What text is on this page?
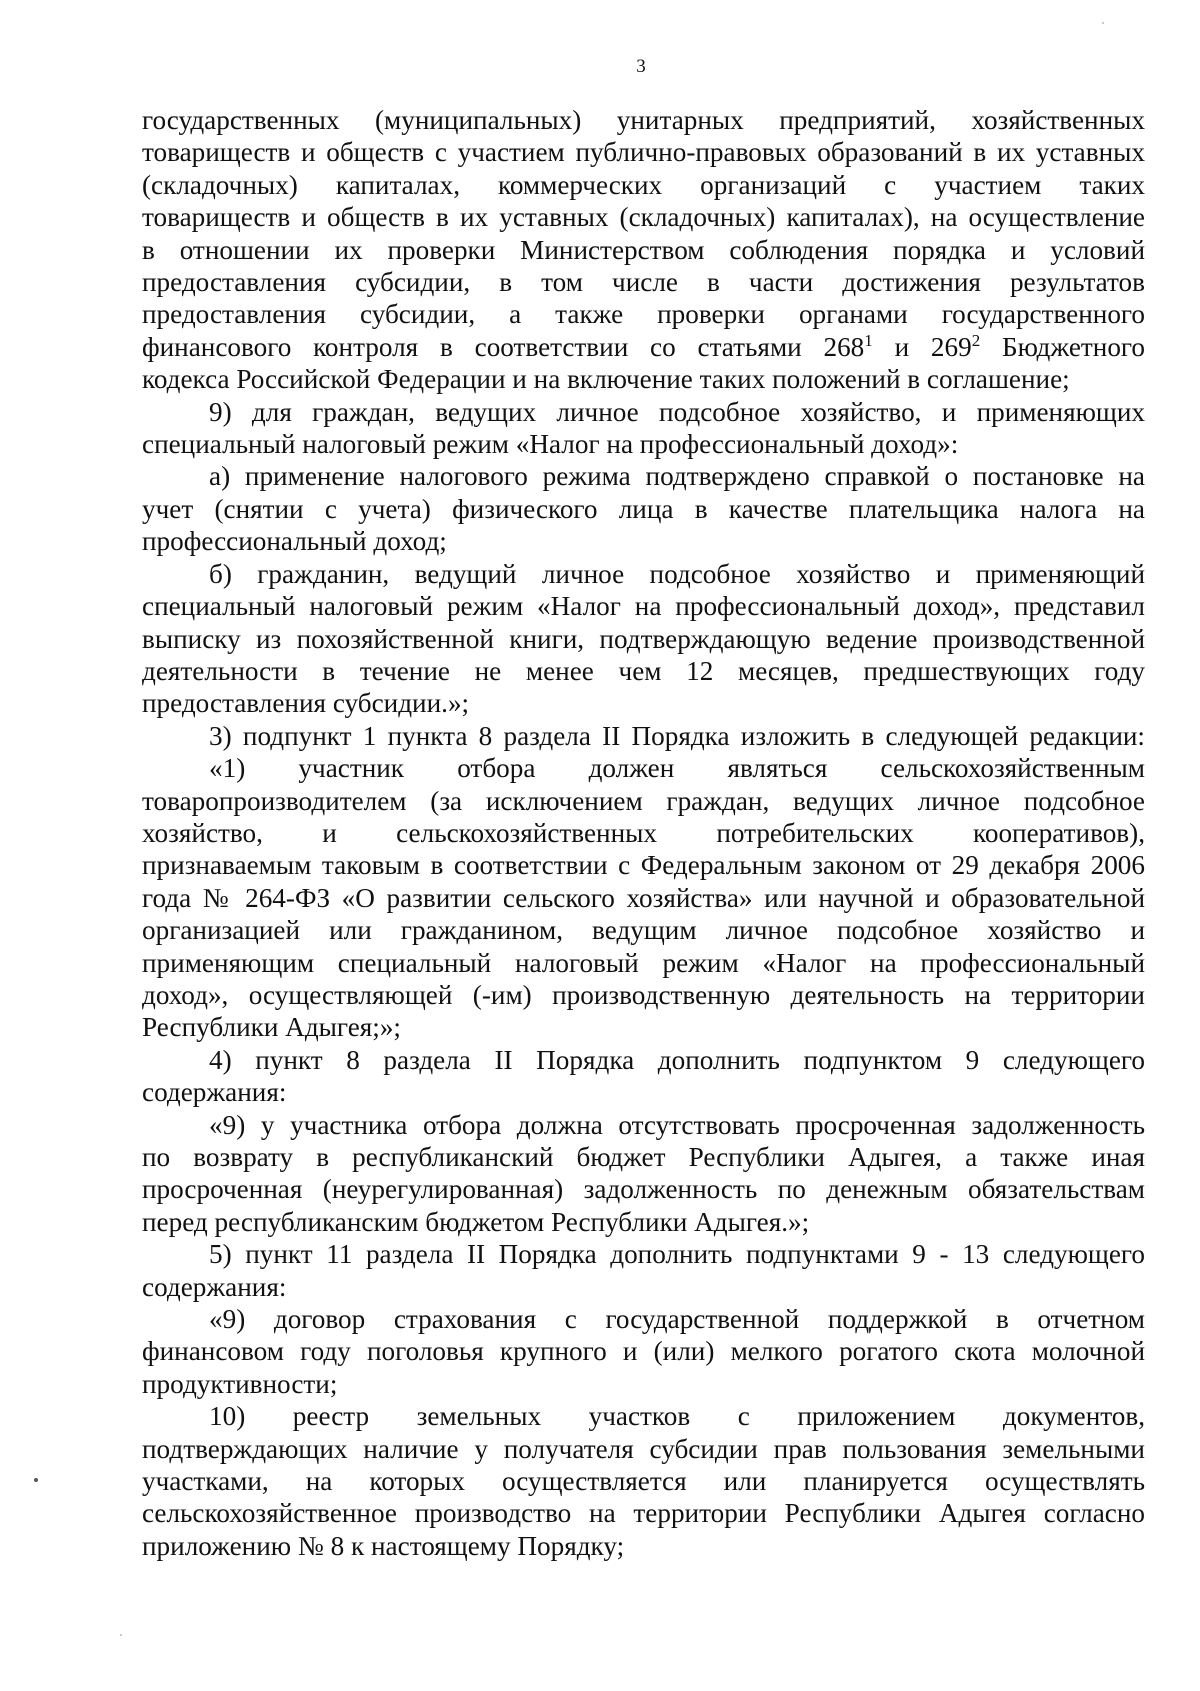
3
государственных (муниципальных) унитарных предприятий, хозяйственных
товариществ и обществ с участием публично-правовых образований в их уставных
(складочных) капиталах, коммерческих организаций с участием таких
товариществ и обществ в их уставных (складочных) капиталах), на осуществление
в отношении их проверки Министерством соблюдения порядка и условий
предоставления субсидии, в том числе в части достижения результатов
предоставления субсидии, а также проверки органами государственного
финансового контроля в соответствии со статьями $268^1$ и $269^2$ Бюджетного
кодекса Российской Федерации и на включение таких положений в соглашение;
9) для граждан, ведущих личное подсобное хозяйство, и применяющих
специальный налоговый режим «Налог на профессиональный доход»:
а) применение налогового режима подтверждено справкой о постановке на
учет (снятии с учета) физического лица в качестве плательщика налога на
профессиональный доход;
б) гражданин, ведущий личное подсобное хозяйство и применяющий
специальный налоговый режим «Налог на профессиональный доход», представил
выписку из похозяйственной книги, подтверждающую ведение производственной
деятельности в течение не менее чем 12 месяцев, предшествующих году
предоставления субсидии.»;
3) подпункт 1 пункта 8 раздела II Порядка изложить в следующей редакции:
«1) участник отбора должен являться сельскохозяйственным
товаропроизводителем (за исключением граждан, ведущих личное подсобное
хозяйство, и сельскохозяйственных потребительских кооперативов),
признаваемым таковым в соответствии с Федеральным законом от 29 декабря 2006
года № 264-ФЗ «О развитии сельского хозяйства» или научной и образовательной
организацией или гражданином, ведущим личное подсобное хозяйство и
применяющим специальный налоговый режим «Налог на профессиональный
доход», осуществляющей (-им) производственную деятельность на территории
Республики Адыгея;»;
4) пункт 8 раздела II Порядка дополнить подпунктом 9 следующего
содержания:
«9) у участника отбора должна отсутствовать просроченная задолженность
по возврату в республиканский бюджет Республики Адыгея, а также иная
просроченная (неурегулированная) задолженность по денежным обязательствам
перед республиканским бюджетом Республики Адыгея.»;
5) пункт 11 раздела II Порядка дополнить подпунктами 9 - 13 следующего
содержания:
«9) договор страхования с государственной поддержкой в отчетном
финансовом году поголовья крупного и (или) мелкого рогатого скота молочной
продуктивности;
10) реестр земельных участков с приложением документов,
подтверждающих наличие у получателя субсидии прав пользования земельными
участками, на которых осуществляется или планируется осуществлять
сельскохозяйственное производство на территории Республики Адыгея согласно
приложению № 8 к настоящему Порядку;
